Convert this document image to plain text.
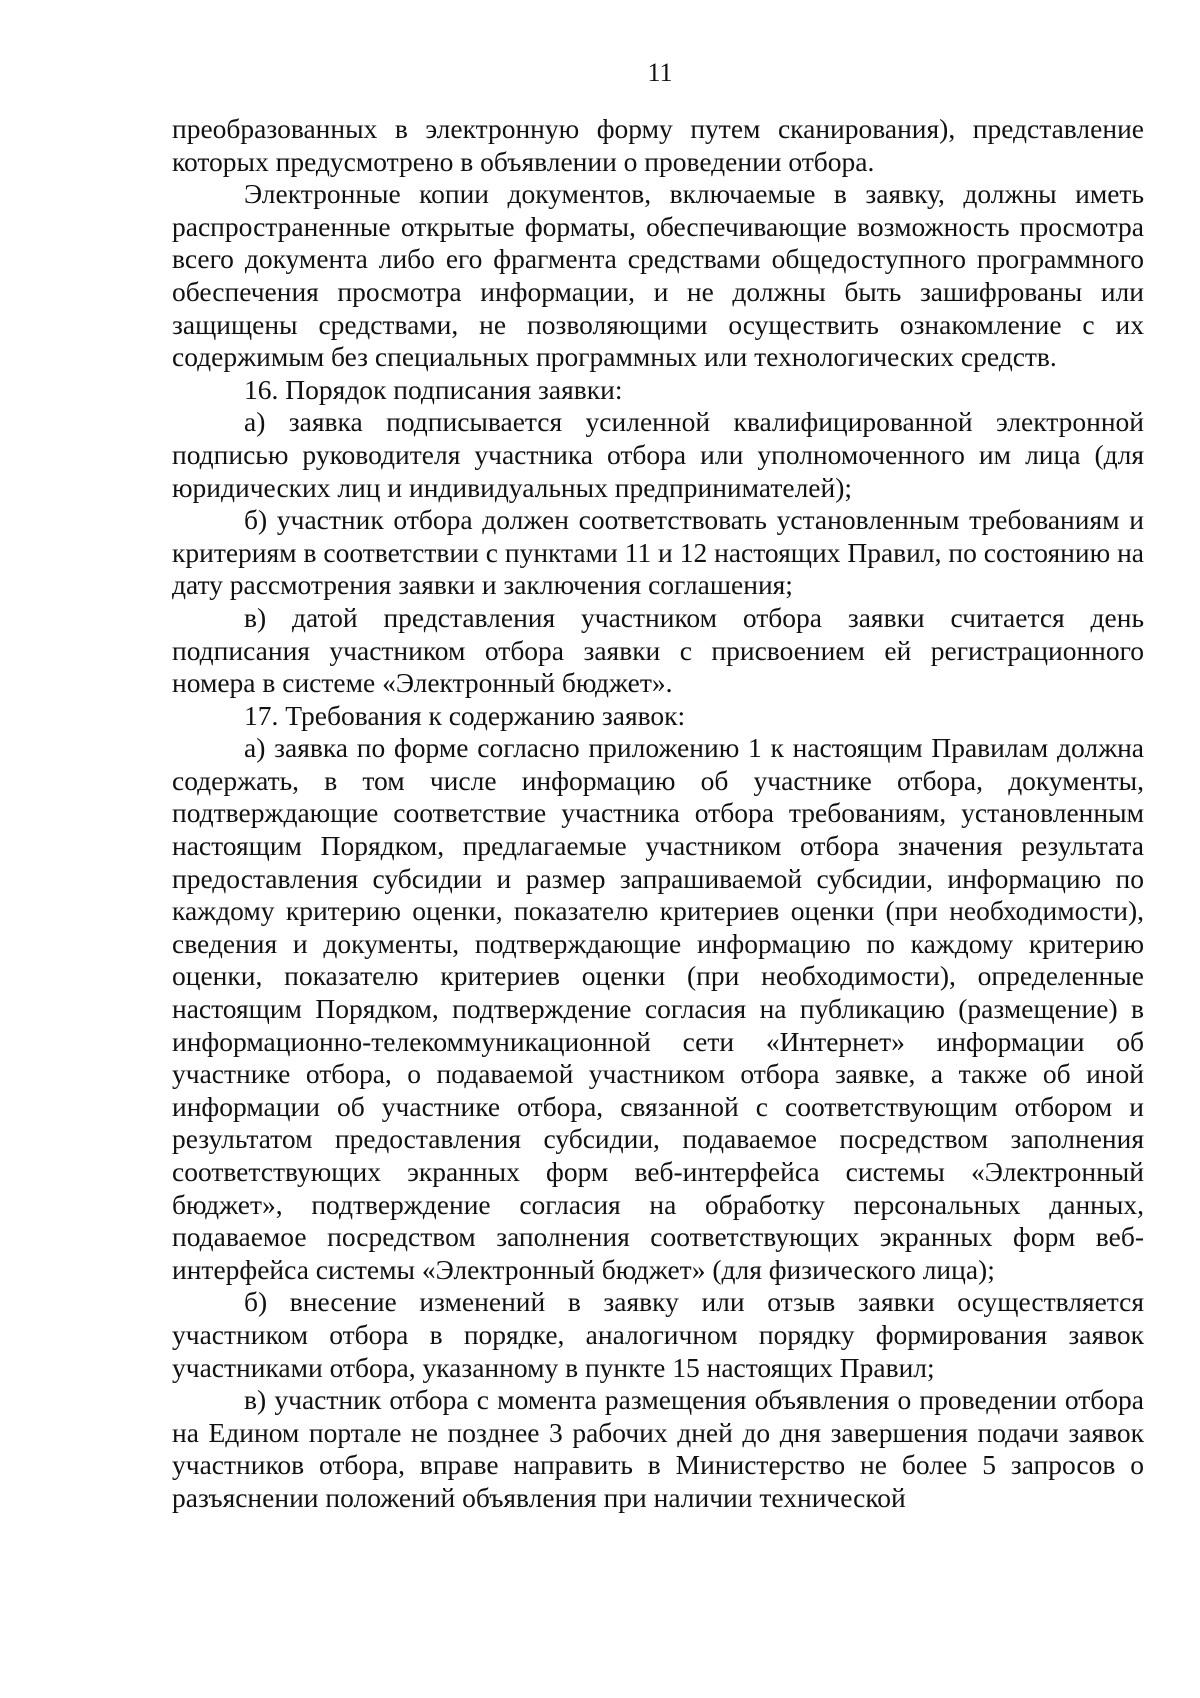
11

преобразованных в электронную форму путем сканирования), представление которых предусмотрено в объявлении о проведении отбора.

Электронные копии документов, включаемые в заявку, должны иметь распространенные открытые форматы, обеспечивающие возможность просмотра всего документа либо его фрагмента средствами общедоступного программного обеспечения просмотра информации, и не должны быть зашифрованы или защищены средствами, не позволяющими осуществить ознакомление с их содержимым без специальных программных или технологических средств.

16. Порядок подписания заявки:

а) заявка подписывается усиленной квалифицированной электронной подписью руководителя участника отбора или уполномоченного им лица (для юридических лиц и индивидуальных предпринимателей);

б) участник отбора должен соответствовать установленным требованиям и критериям в соответствии с пунктами 11 и 12 настоящих Правил, по состоянию на дату рассмотрения заявки и заключения соглашения;

в) датой представления участником отбора заявки считается день подписания участником отбора заявки с присвоением ей регистрационного номера в системе «Электронный бюджет».

17. Требования к содержанию заявок:

а) заявка по форме согласно приложению 1 к настоящим Правилам должна содержать, в том числе информацию об участнике отбора, документы, подтверждающие соответствие участника отбора требованиям, установленным настоящим Порядком, предлагаемые участником отбора значения результата предоставления субсидии и размер запрашиваемой субсидии, информацию по каждому критерию оценки, показателю критериев оценки (при необходимости), сведения и документы, подтверждающие информацию по каждому критерию оценки, показателю критериев оценки (при необходимости), определенные настоящим Порядком, подтверждение согласия на публикацию (размещение) в информационно-телекоммуникационной сети «Интернет» информации об участнике отбора, о подаваемой участником отбора заявке, а также об иной информации об участнике отбора, связанной с соответствующим отбором и результатом предоставления субсидии, подаваемое посредством заполнения соответствующих экранных форм веб-интерфейса системы «Электронный бюджет», подтверждение согласия на обработку персональных данных, подаваемое посредством заполнения соответствующих экранных форм веб-интерфейса системы «Электронный бюджет» (для физического лица);

б) внесение изменений в заявку или отзыв заявки осуществляется участником отбора в порядке, аналогичном порядку формирования заявок участниками отбора, указанному в пункте 15 настоящих Правил;

в) участник отбора с момента размещения объявления о проведении отбора на Едином портале не позднее 3 рабочих дней до дня завершения подачи заявок участников отбора, вправе направить в Министерство не более 5 запросов о разъяснении положений объявления при наличии технической
